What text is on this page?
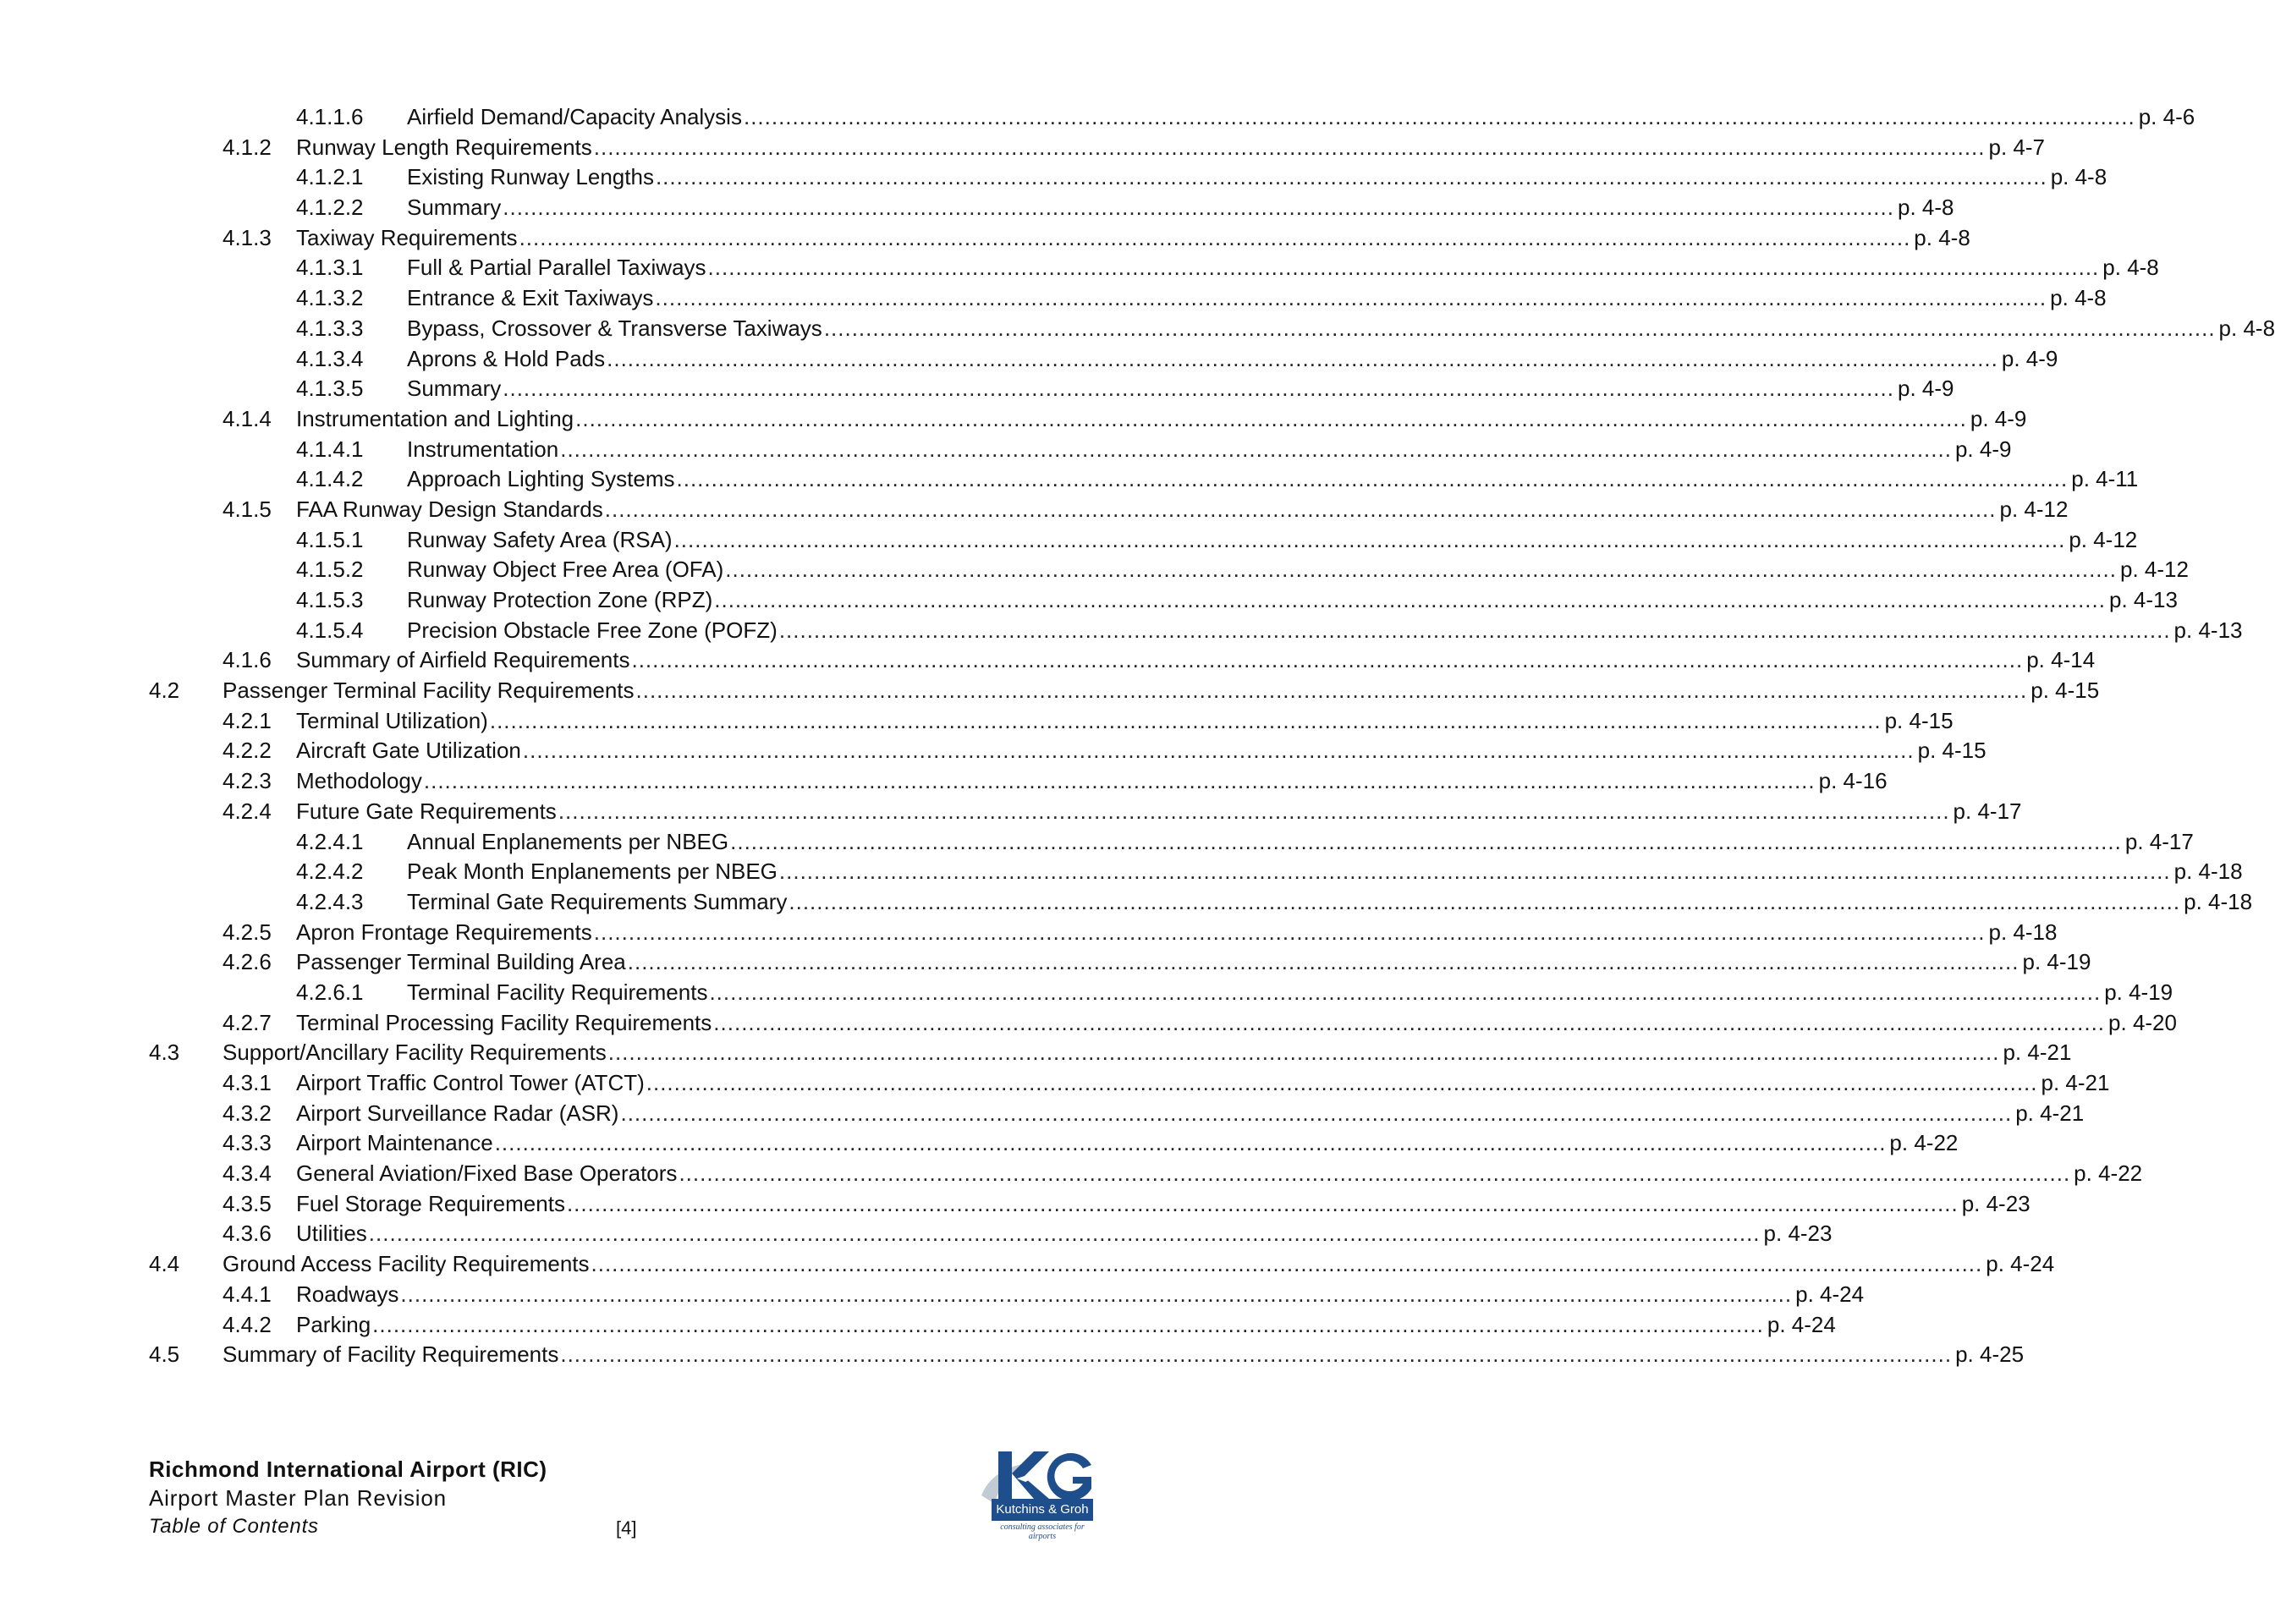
4.1.1.6 Airfield Demand/Capacity Analysis ........................................................................................................................................................................................................ p. 4-6
4.1.2 Runway Length Requirements ........................................................................................................................................................................................................ p. 4-7
4.1.2.1 Existing Runway Lengths ........................................................................................................................................................................................................ p. 4-8
4.1.2.2 Summary ........................................................................................................................................................................................................ p. 4-8
4.1.3 Taxiway Requirements ........................................................................................................................................................................................................ p. 4-8
4.1.3.1 Full & Partial Parallel Taxiways ........................................................................................................................................................................................................ p. 4-8
4.1.3.2 Entrance & Exit Taxiways ........................................................................................................................................................................................................ p. 4-8
4.1.3.3 Bypass, Crossover & Transverse Taxiways ........................................................................................................................................................................................................ p. 4-8
4.1.3.4 Aprons & Hold Pads ........................................................................................................................................................................................................ p. 4-9
4.1.3.5 Summary ........................................................................................................................................................................................................ p. 4-9
4.1.4 Instrumentation and Lighting ........................................................................................................................................................................................................ p. 4-9
4.1.4.1 Instrumentation ........................................................................................................................................................................................................ p. 4-9
4.1.4.2 Approach Lighting Systems ........................................................................................................................................................................................................ p. 4-11
4.1.5 FAA Runway Design Standards ........................................................................................................................................................................................................ p. 4-12
4.1.5.1 Runway Safety Area (RSA) ........................................................................................................................................................................................................ p. 4-12
4.1.5.2 Runway Object Free Area (OFA) ........................................................................................................................................................................................................ p. 4-12
4.1.5.3 Runway Protection Zone (RPZ) ........................................................................................................................................................................................................ p. 4-13
4.1.5.4 Precision Obstacle Free Zone (POFZ) ........................................................................................................................................................................................................ p. 4-13
4.1.6 Summary of Airfield Requirements ........................................................................................................................................................................................................ p. 4-14
4.2 Passenger Terminal Facility Requirements ........................................................................................................................................................................................................ p. 4-15
4.2.1 Terminal Utilization) ........................................................................................................................................................................................................ p. 4-15
4.2.2 Aircraft Gate Utilization ........................................................................................................................................................................................................ p. 4-15
4.2.3 Methodology ........................................................................................................................................................................................................ p. 4-16
4.2.4 Future Gate Requirements ........................................................................................................................................................................................................ p. 4-17
4.2.4.1 Annual Enplanements per NBEG ........................................................................................................................................................................................................ p. 4-17
4.2.4.2 Peak Month Enplanements per NBEG ........................................................................................................................................................................................................ p. 4-18
4.2.4.3 Terminal Gate Requirements Summary ........................................................................................................................................................................................................ p. 4-18
4.2.5 Apron Frontage Requirements ........................................................................................................................................................................................................ p. 4-18
4.2.6 Passenger Terminal Building Area ........................................................................................................................................................................................................ p. 4-19
4.2.6.1 Terminal Facility Requirements ........................................................................................................................................................................................................ p. 4-19
4.2.7 Terminal Processing Facility Requirements ........................................................................................................................................................................................................ p. 4-20
4.3 Support/Ancillary Facility Requirements ........................................................................................................................................................................................................ p. 4-21
4.3.1 Airport Traffic Control Tower (ATCT) ........................................................................................................................................................................................................ p. 4-21
4.3.2 Airport Surveillance Radar (ASR) ........................................................................................................................................................................................................ p. 4-21
4.3.3 Airport Maintenance ........................................................................................................................................................................................................ p. 4-22
4.3.4 General Aviation/Fixed Base Operators ........................................................................................................................................................................................................ p. 4-22
4.3.5 Fuel Storage Requirements ........................................................................................................................................................................................................ p. 4-23
4.3.6 Utilities ........................................................................................................................................................................................................ p. 4-23
4.4 Ground Access Facility Requirements ........................................................................................................................................................................................................ p. 4-24
4.4.1 Roadways ........................................................................................................................................................................................................ p. 4-24
4.4.2 Parking ........................................................................................................................................................................................................ p. 4-24
4.5 Summary of Facility Requirements ........................................................................................................................................................................................................ p. 4-25
Richmond International Airport (RIC)
Airport Master Plan Revision
Table of Contents	[4]
Kutchins & Groh
consulting associates for airports
